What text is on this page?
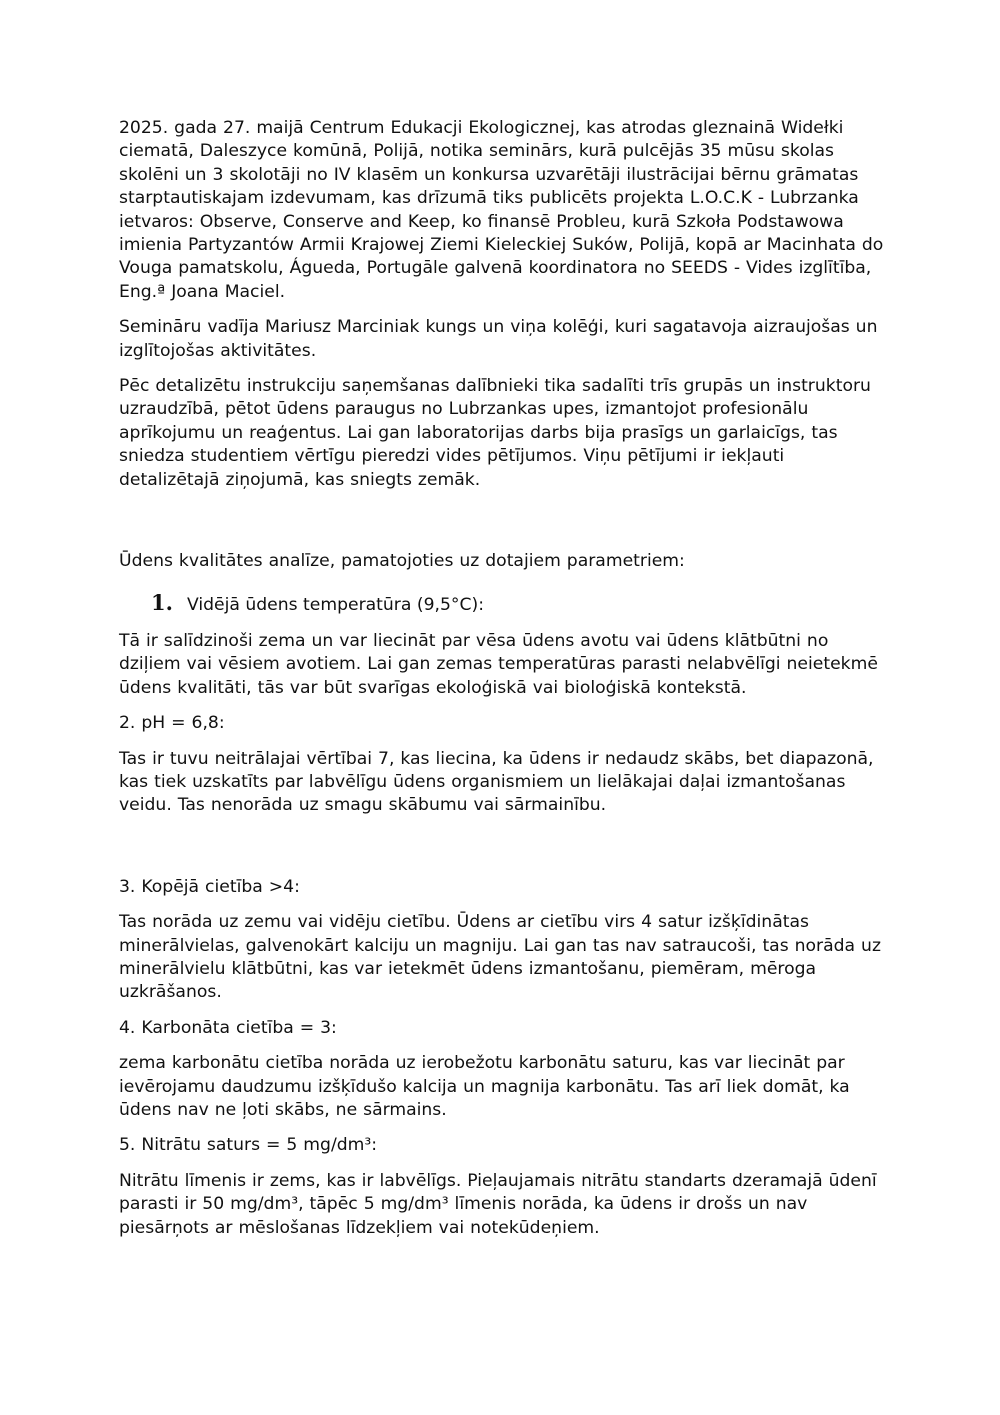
2025. gada 27. maijā Centrum Edukacji Ekologicznej, kas atrodas gleznainā Widełki ciematā, Daleszyce komūnā, Polijā, notika seminārs, kurā pulcējās 35 mūsu skolas skolēni un 3 skolotāji no IV klasēm un konkursa uzvarētāji ilustrācijai bērnu grāmatas starptautiskajam izdevumam, kas drīzumā tiks publicēts projekta L.O.C.K - Lubrzanka ietvaros: Observe, Conserve and Keep, ko finansē Probleu, kurā Szkoła Podstawowa imienia Partyzantów Armii Krajowej Ziemi Kieleckiej Suków, Polijā, kopā ar Macinhata do Vouga pamatskolu, Águeda, Portugāle galvenā koordinatora no SEEDS - Vides izglītība, Eng.ª Joana Maciel.

Semināru vadīja Mariusz Marciniak kungs un viņa kolēģi, kuri sagatavoja aizraujošas un izglītojošas aktivitātes.

Pēc detalizētu instrukciju saņemšanas dalībnieki tika sadalīti trīs grupās un instruktoru uzraudzībā, pētot ūdens paraugus no Lubrzankas upes, izmantojot profesionālu aprīkojumu un reaģentus. Lai gan laboratorijas darbs bija prasīgs un garlaicīgs, tas sniedza studentiem vērtīgu pieredzi vides pētījumos. Viņu pētījumi ir iekļauti detalizētajā ziņojumā, kas sniegts zemāk.

Ūdens kvalitātes analīze, pamatojoties uz dotajiem parametriem:

1. Vidējā ūdens temperatūra (9,5°C):

Tā ir salīdzinoši zema un var liecināt par vēsa ūdens avotu vai ūdens klātbūtni no dziļiem vai vēsiem avotiem. Lai gan zemas temperatūras parasti nelabvēlīgi neietekmē ūdens kvalitāti, tās var būt svarīgas ekoloģiskā vai bioloģiskā kontekstā.

2. pH = 6,8:

Tas ir tuvu neitrālajai vērtībai 7, kas liecina, ka ūdens ir nedaudz skābs, bet diapazonā, kas tiek uzskatīts par labvēlīgu ūdens organismiem un lielākajai daļai izmantošanas veidu. Tas nenorāda uz smagu skābumu vai sārmainību.

3. Kopējā cietība >4:

Tas norāda uz zemu vai vidēju cietību. Ūdens ar cietību virs 4 satur izšķīdinātas minerālvielas, galvenokārt kalciju un magniju. Lai gan tas nav satraucoši, tas norāda uz minerālvielu klātbūtni, kas var ietekmēt ūdens izmantošanu, piemēram, mēroga uzkrāšanos.

4. Karbonāta cietība = 3:

zema karbonātu cietība norāda uz ierobežotu karbonātu saturu, kas var liecināt par ievērojamu daudzumu izšķīdušo kalcija un magnija karbonātu. Tas arī liek domāt, ka ūdens nav ne ļoti skābs, ne sārmains.

5. Nitrātu saturs = 5 mg/dm³:

Nitrātu līmenis ir zems, kas ir labvēlīgs. Pieļaujamais nitrātu standarts dzeramajā ūdenī parasti ir 50 mg/dm³, tāpēc 5 mg/dm³ līmenis norāda, ka ūdens ir drošs un nav piesārņots ar mēslošanas līdzekļiem vai notekūdeņiem.
